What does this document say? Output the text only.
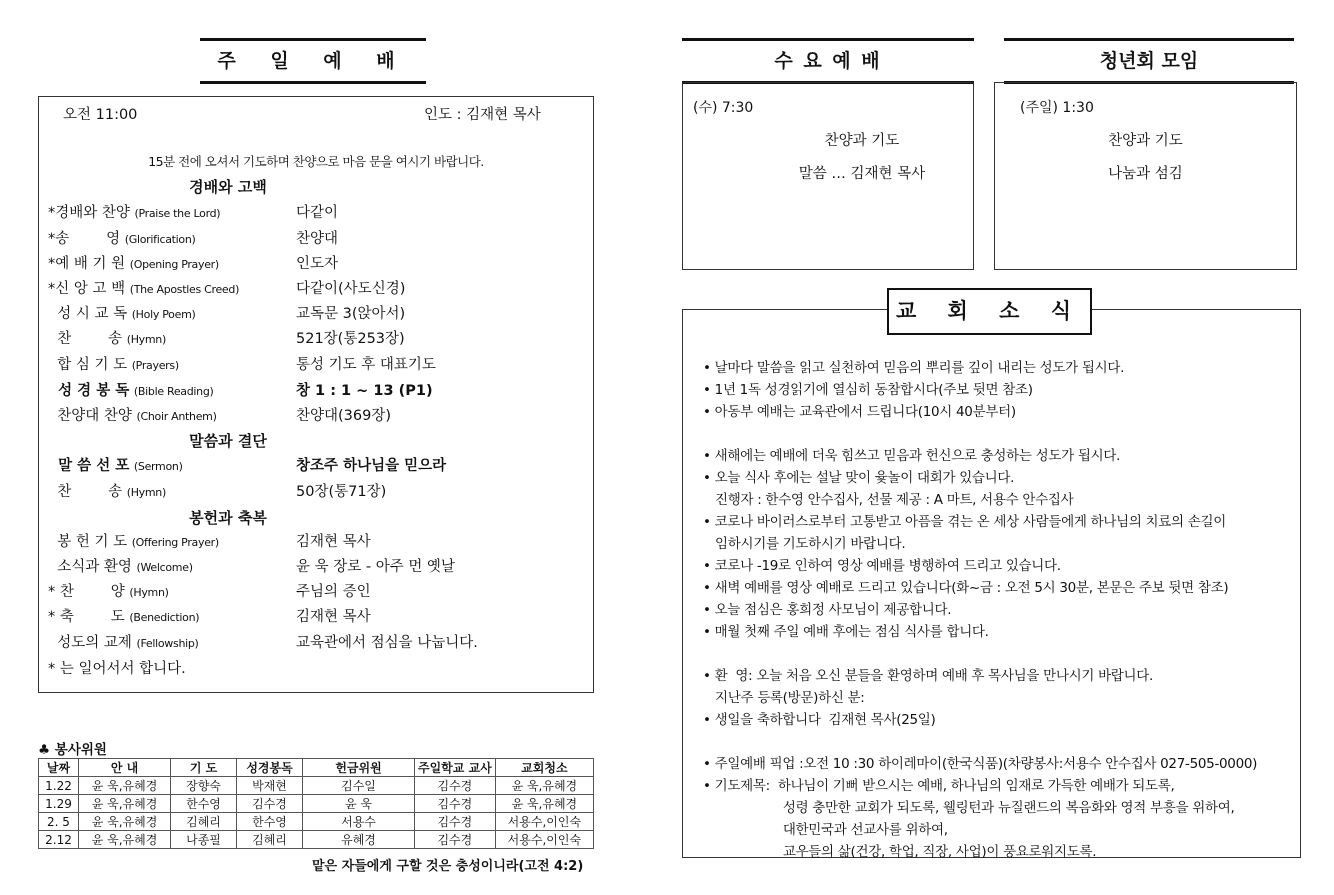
주 일 예 배
오전 11:00	인도 : 김재현 목사
15분 전에 오셔서 기도하며 찬양으로 마음 문을 여시기 바랍니다.
경배와 고백
말씀과 결단
봉헌과 축복
*경배와 찬양 (Praise the Lord)	다같이
*송        영 (Glorification)	찬양대
*예 배 기 원 (Opening Prayer)	인도자
*신 앙 고 백 (The Apostles Creed)	다같이(사도신경)
성 시 교 독 (Holy Poem)	교독문 3(앉아서)
찬        송 (Hymn)	521장(통253장)
합 심 기 도 (Prayers)	통성 기도 후 대표기도
성 경 봉 독 (Bible Reading)	창 1 : 1 ~ 13 (P1)
찬양대 찬양 (Choir Anthem)	찬양대(369장)
말 씀 선 포 (Sermon)	창조주 하나님을 믿으라
찬        송 (Hymn)	50장(통71장)
봉 헌 기 도 (Offering Prayer)	김재현 목사
소식과 환영 (Welcome)	윤 욱 장로 - 아주 먼 옛날
* 찬        양 (Hymn)	주님의 증인
* 축        도 (Benediction)	김재현 목사
성도의 교제 (Fellowship)	교육관에서 점심을 나눕니다.
* 는 일어서서 합니다.
♣ 봉사위원
날짜	안 내	기 도	성경봉독	헌금위원	주일학교 교사	교회청소
1.22	윤 욱,유혜경	장향숙	박재현	김수일	김수경	윤 욱,유혜경
1.29	윤 욱,유혜경	한수영	김수경	윤 욱	김수경	윤 욱,유혜경
2. 5	윤 욱,유혜경	김혜리	한수영	서용수	김수경	서용수,이인숙
2.12	윤 욱,유혜경	나종필	김혜리	유혜경	김수경	서용수,이인숙
맡은 자들에게 구할 것은 충성이니라(고전 4:2)
수 요 예 배
(수) 7:30
찬양과 기도
말씀 … 김재현 목사
청년회 모임
(주일) 1:30
찬양과 기도
나눔과 섬김
교 회 소 식
• 날마다 말씀을 읽고 실천하여 믿음의 뿌리를 깊이 내리는 성도가 됩시다.
• 1년 1독 성경읽기에 열심히 동참합시다(주보 뒷면 참조)
• 아동부 예배는 교육관에서 드립니다(10시 40분부터)
• 새해에는 예배에 더욱 힘쓰고 믿음과 헌신으로 충성하는 성도가 됩시다.
• 오늘 식사 후에는 설날 맞이 윷놀이 대회가 있습니다.
진행자 : 한수영 안수집사, 선물 제공 : A 마트, 서용수 안수집사
• 코로나 바이러스로부터 고통받고 아픔을 겪는 온 세상 사람들에게 하나님의 치료의 손길이
임하시기를 기도하시기 바랍니다.
• 코로나 -19로 인하여 영상 예배를 병행하여 드리고 있습니다.
• 새벽 예배를 영상 예배로 드리고 있습니다(화~금 : 오전 5시 30분, 본문은 주보 뒷면 참조)
• 오늘 점심은 홍희정 사모님이 제공합니다.
• 매월 첫째 주일 예배 후에는 점심 식사를 합니다.
• 환  영: 오늘 처음 오신 분들을 환영하며 예배 후 목사님을 만나시기 바랍니다.
지난주 등록(방문)하신 분:
• 생일을 축하합니다  김재현 목사(25일)
• 주일예배 픽업 :오전 10 :30 하이레마이(한국식품)(차량봉사:서용수 안수집사 027-505-0000)
• 기도제목:  하나님이 기뻐 받으시는 예배, 하나님의 임재로 가득한 예배가 되도록,
성령 충만한 교회가 되도록, 웰링턴과 뉴질랜드의 복음화와 영적 부흥을 위하여,
대한민국과 선교사를 위하여,
교우들의 삶(건강, 학업, 직장, 사업)이 풍요로워지도록.
